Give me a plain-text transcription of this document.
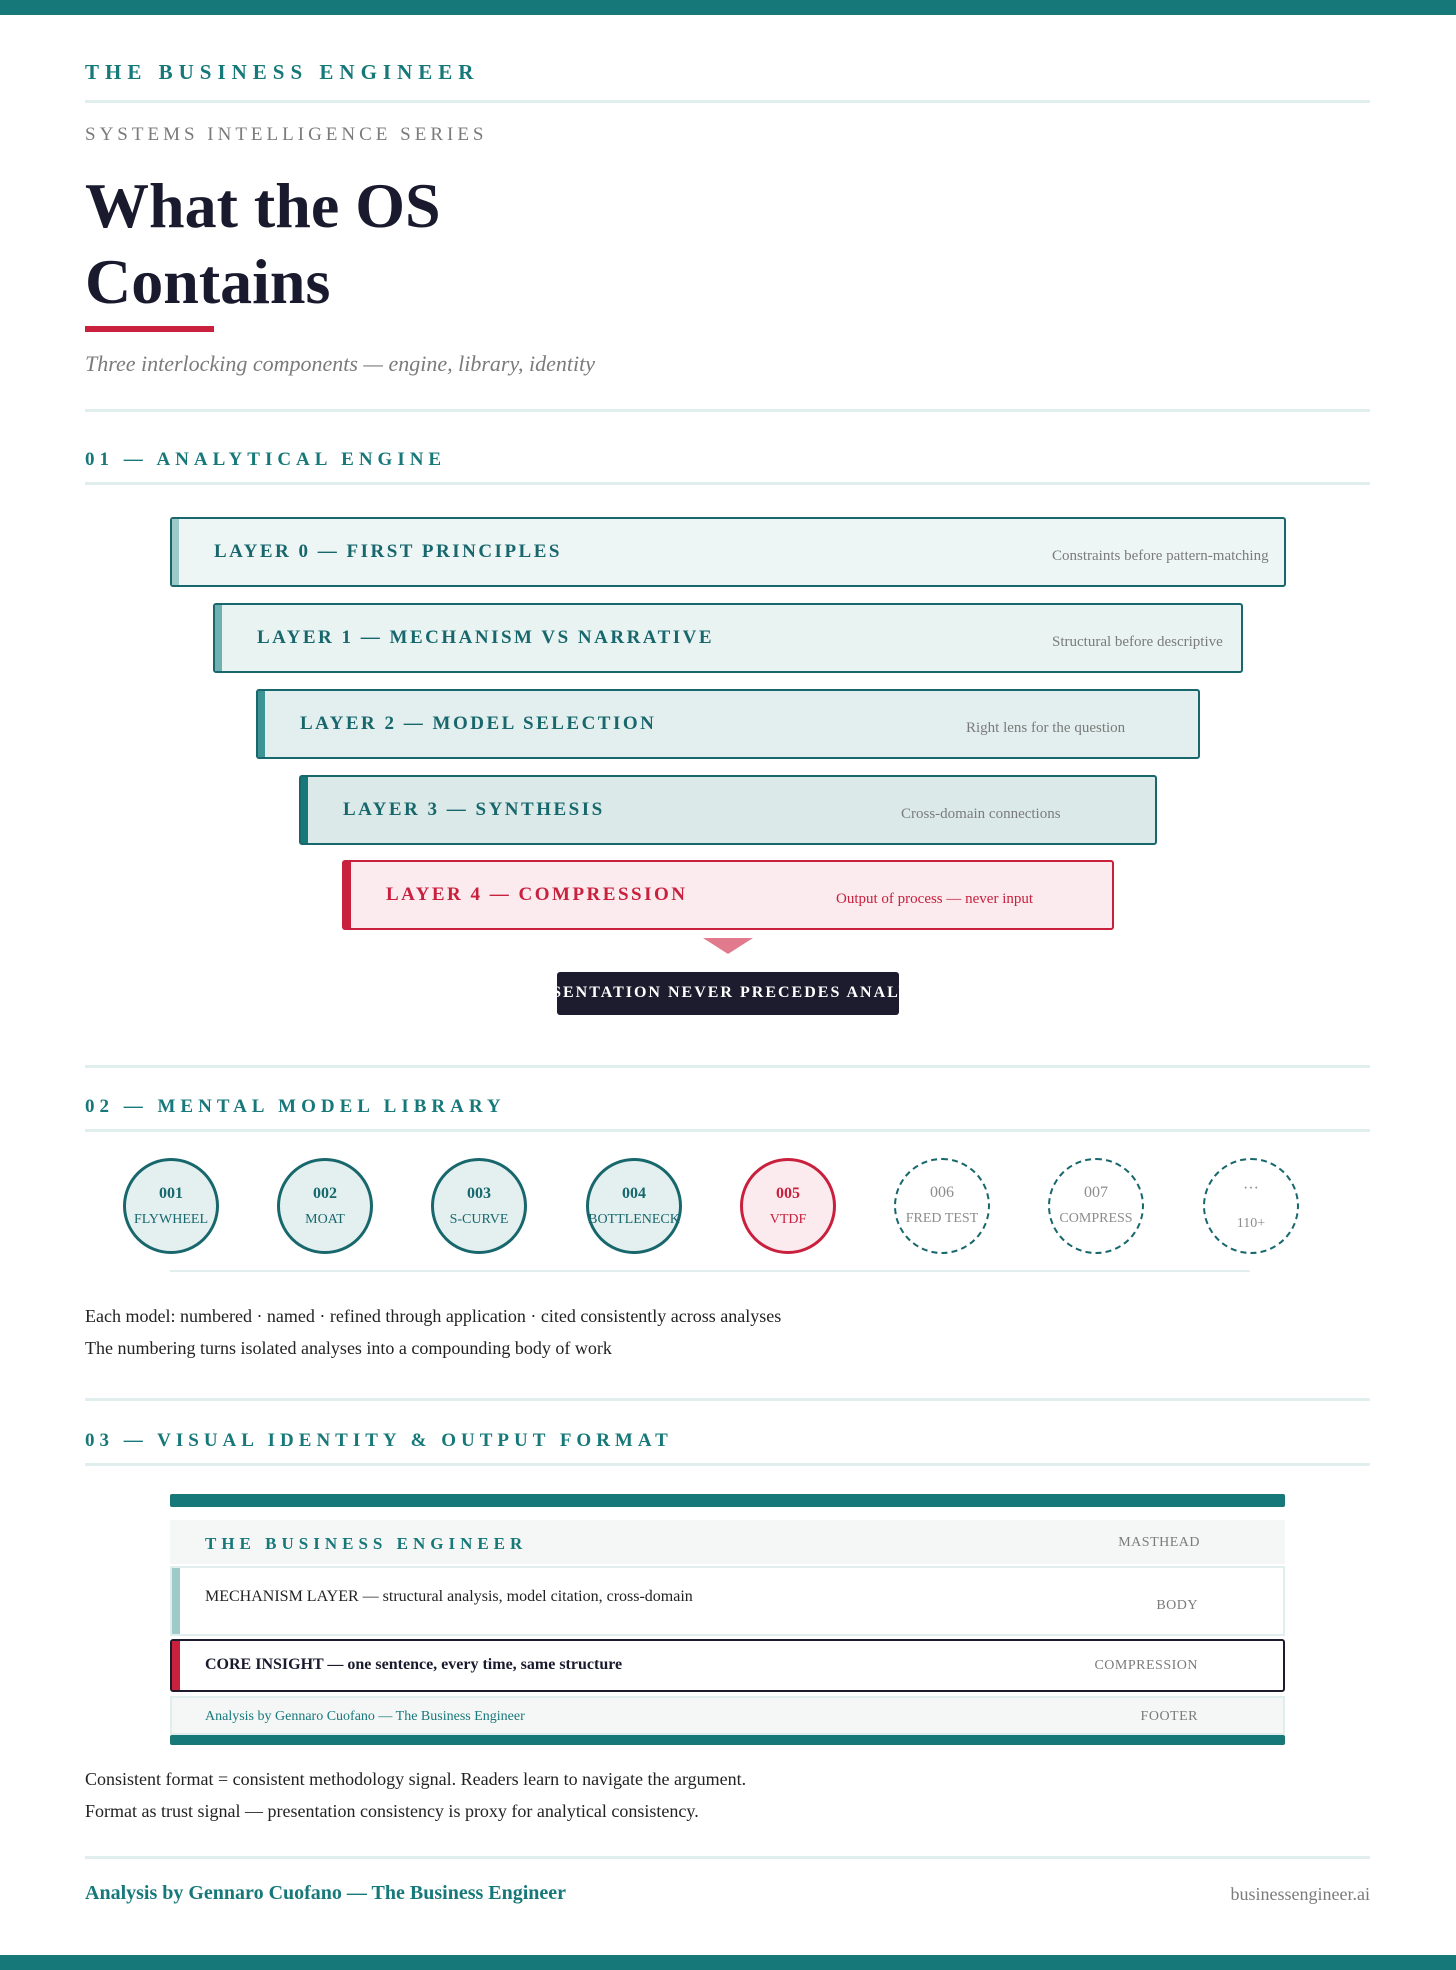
THE BUSINESS ENGINEER
SYSTEMS INTELLIGENCE SERIES
What the OS Contains
Three interlocking components — engine, library, identity
01 — ANALYTICAL ENGINE
LAYER 0 — FIRST PRINCIPLES	Constraints before pattern-matching
LAYER 1 — MECHANISM VS NARRATIVE	Structural before descriptive
LAYER 2 — MODEL SELECTION	Right lens for the question
LAYER 3 — SYNTHESIS	Cross-domain connections
LAYER 4 — COMPRESSION	Output of process — never input
PRESENTATION NEVER PRECEDES ANALYSIS
02 — MENTAL MODEL LIBRARY
001
FLYWHEEL
002
MOAT
003
S-CURVE
004
BOTTLENECK
005
VTDF
006
FRED TEST
007
COMPRESS
···
110+
Each model: numbered · named · refined through application · cited consistently across analyses
The numbering turns isolated analyses into a compounding body of work
03 — VISUAL IDENTITY & OUTPUT FORMAT
THE BUSINESS ENGINEER	MASTHEAD
MECHANISM LAYER — structural analysis, model citation, cross-domain
BODY
CORE INSIGHT — one sentence, every time, same structure	COMPRESSION
Analysis by Gennaro Cuofano — The Business Engineer	FOOTER
Consistent format = consistent methodology signal. Readers learn to navigate the argument.
Format as trust signal — presentation consistency is proxy for analytical consistency.
Analysis by Gennaro Cuofano — The Business Engineer	businessengineer.ai
